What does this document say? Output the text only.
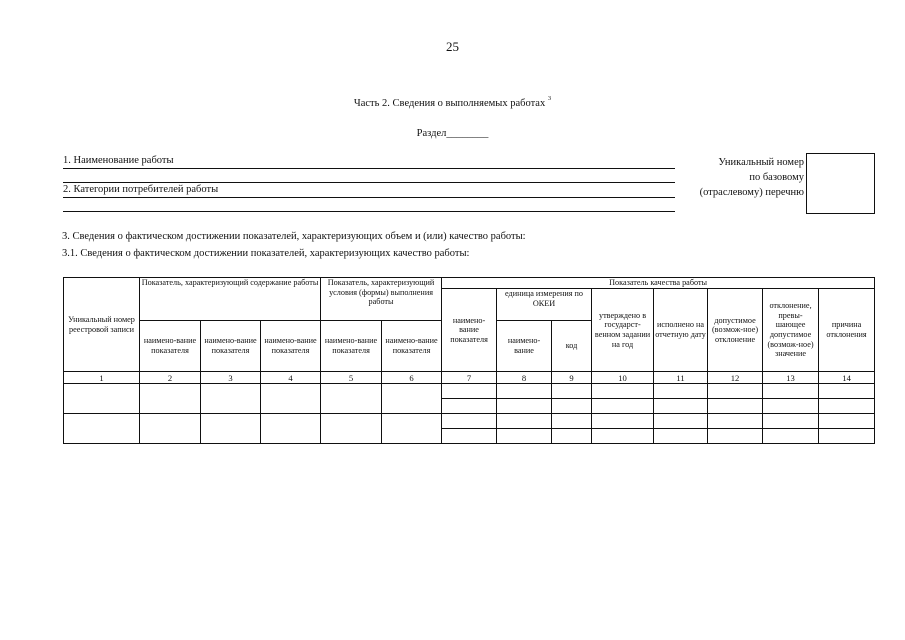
25
Часть 2. Сведения о выполняемых работах $^3$
Раздел________
1. Наименование работы
2. Категории потребителей работы
Уникальный номер
по базовому
(отраслевому) перечню
3. Сведения о фактическом достижении показателей, характеризующих объем и (или) качество работы:
3.1. Сведения о фактическом достижении показателей, характеризующих качество работы:
Уникальный номер реестровой записи	Показатель, характеризующий содержание работы			Показатель, характеризующий условия (формы) выполнения работы		Показатель качества работы							
						наимено-вание показателя	единица измерения по ОКЕИ		утверждено в государст-венном задании на год	исполнено на отчетную дату	допустимое (возмож-ное) отклонение	отклонение, превы-шающее допустимое (возмож-ное) значение	причина отклонения
	наимено-вание показателя	наимено-вание показателя	наимено-вание показателя	наимено-вание показателя	наимено-вание показателя		наимено-вание	код					
1	2	3	4	5	6	7	8	9	10	11	12	13	14
